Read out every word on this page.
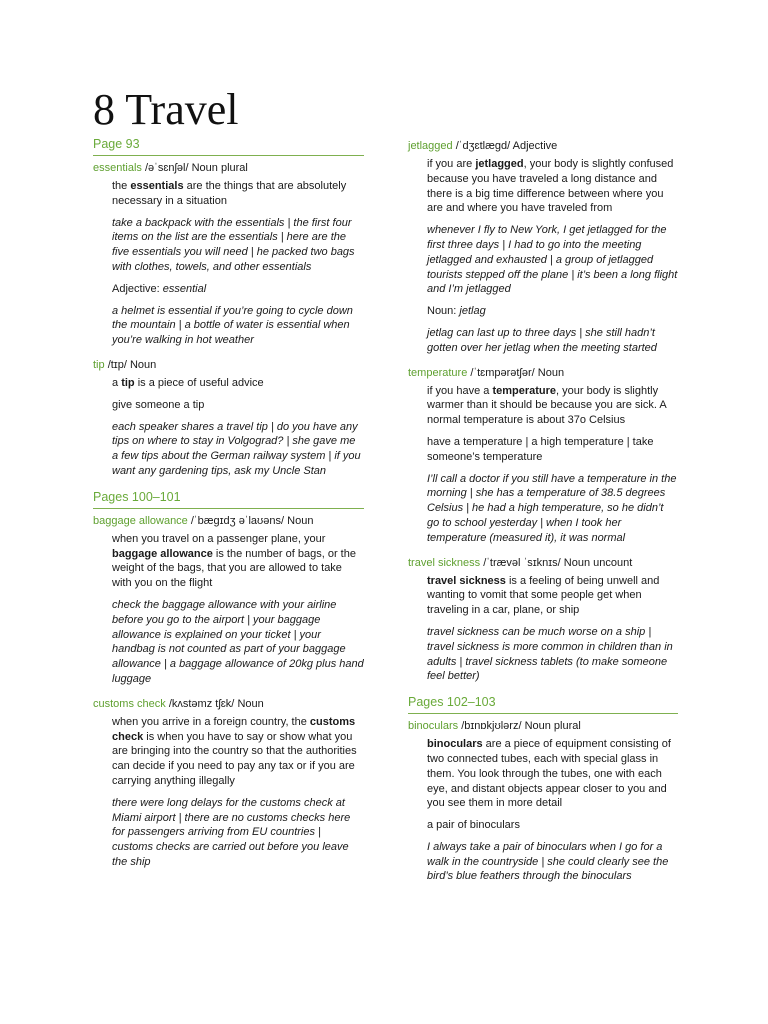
8 Travel
Page 93
essentials /əˈsɛnʃəl/ Noun plural

the essentials are the things that are absolutely necessary in a situation

take a backpack with the essentials | the first four items on the list are the essentials | here are the five essentials you will need | he packed two bags with clothes, towels, and other essentials

Adjective: essential

a helmet is essential if you’re going to cycle down the mountain | a bottle of water is essential when you’re walking in hot weather

tip /tɪp/ Noun

a tip is a piece of useful advice

give someone a tip

each speaker shares a travel tip | do you have any tips on where to stay in Volgograd? | she gave me a few tips about the German railway system | if you want any gardening tips, ask my Uncle Stan

Pages 100–101
baggage allowance /ˈbægɪdʒ əˈlaʊəns/ Noun

when you travel on a passenger plane, your baggage allowance is the number of bags, or the weight of the bags, that you are allowed to take with you on the flight

check the baggage allowance with your airline before you go to the airport | your baggage allowance is explained on your ticket | your handbag is not counted as part of your baggage allowance | a baggage allowance of 20kg plus hand luggage

customs check /kʌstəmz tʃɛk/ Noun

when you arrive in a foreign country, the customs check is when you have to say or show what you are bringing into the country so that the authorities can decide if you need to pay any tax or if you are carrying anything illegally

there were long delays for the customs check at Miami airport | there are no customs checks here for passengers arriving from EU countries | customs checks are carried out before you leave the ship

jetlagged /ˈdʒɛtlægd/ Adjective

if you are jetlagged, your body is slightly confused because you have traveled a long distance and there is a big time difference between where you are and where you have traveled from

whenever I fly to New York, I get jetlagged for the first three days | I had to go into the meeting jetlagged and exhausted | a group of jetlagged tourists stepped off the plane | it’s been a long flight and I’m jetlagged

Noun: jetlag

jetlag can last up to three days | she still hadn’t gotten over her jetlag when the meeting started

temperature /ˈtɛmpərətʃər/ Noun

if you have a temperature, your body is slightly warmer than it should be because you are sick. A normal temperature is about 37o Celsius

have a temperature | a high temperature | take someone’s temperature

I’ll call a doctor if you still have a temperature in the morning | she has a temperature of 38.5 degrees Celsius | he had a high temperature, so he didn’t go to school yesterday | when I took her temperature (measured it), it was normal

travel sickness /ˈtrævəl ˈsɪknɪs/ Noun uncount

travel sickness is a feeling of being unwell and wanting to vomit that some people get when traveling in a car, plane, or ship

travel sickness can be much worse on a ship | travel sickness is more common in children than in adults | travel sickness tablets (to make someone feel better)

Pages 102–103
binoculars /bɪnɒkjʊlərz/ Noun plural

binoculars are a piece of equipment consisting of two connected tubes, each with special glass in them. You look through the tubes, one with each eye, and distant objects appear closer to you and you see them in more detail

a pair of binoculars

I always take a pair of binoculars when I go for a walk in the countryside | she could clearly see the bird’s blue feathers through the binoculars
